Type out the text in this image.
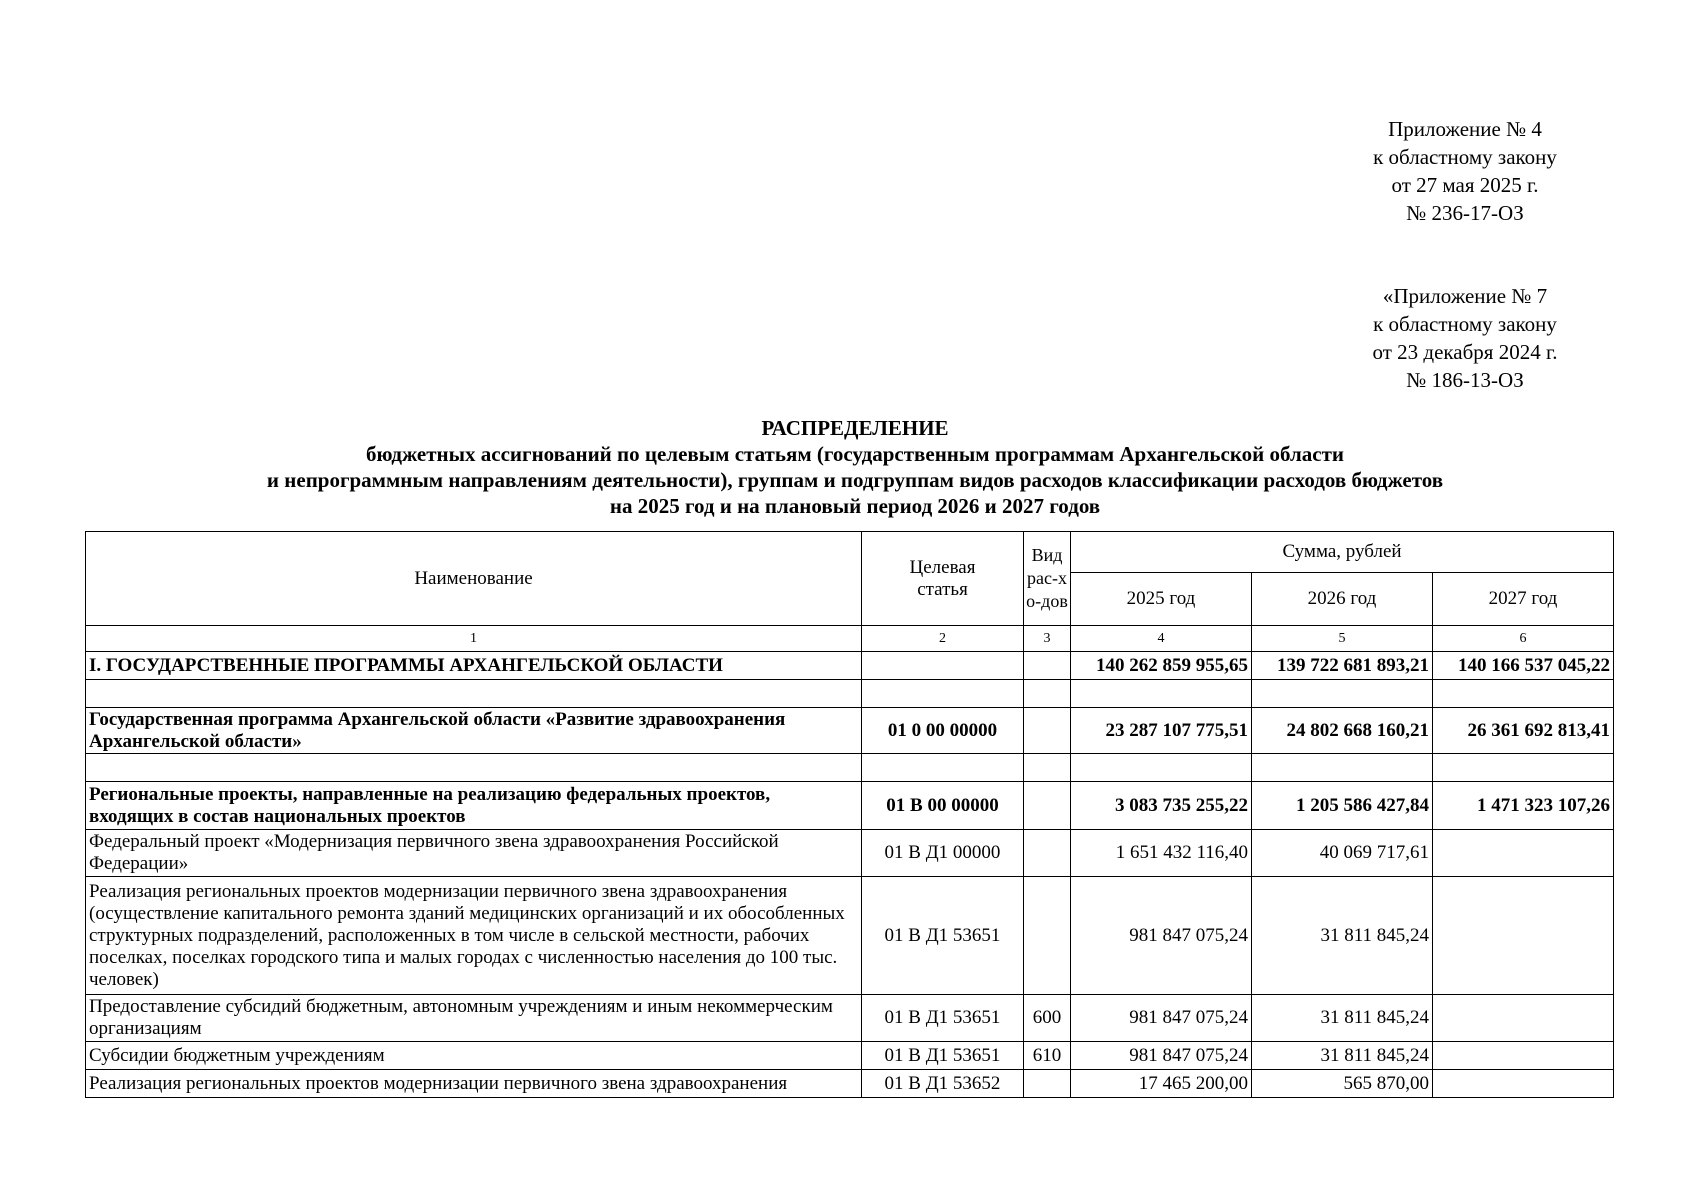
Приложение № 4
к областному закону
от 27 мая 2025 г.
№ 236-17-ОЗ
«Приложение № 7
к областному закону
от 23 декабря 2024 г.
№ 186-13-ОЗ
РАСПРЕДЕЛЕНИЕ
бюджетных ассигнований по целевым статьям (государственным программам Архангельской области
и непрограммным направлениям деятельности), группам и подгруппам видов расходов классификации расходов бюджетов
на 2025 год и на плановый период 2026 и 2027 годов
Наименование	Целевая статья	Вид рас-хо-дов	Сумма, рублей		
			2025 год	2026 год	2027 год
1	2	3	4	5	6
I. ГОСУДАРСТВЕННЫЕ ПРОГРАММЫ АРХАНГЕЛЬСКОЙ ОБЛАСТИ			140 262 859 955,65	139 722 681 893,21	140 166 537 045,22

Государственная программа Архангельской области «Развитие здравоохранения Архангельской области»	01 0 00 00000		23 287 107 775,51	24 802 668 160,21	26 361 692 813,41

Региональные проекты, направленные на реализацию федеральных проектов, входящих в состав национальных проектов	01 В 00 00000		3 083 735 255,22	1 205 586 427,84	1 471 323 107,26
Федеральный проект «Модернизация первичного звена здравоохранения Российской Федерации»	01 В Д1 00000		1 651 432 116,40	40 069 717,61	
Реализация региональных проектов модернизации первичного звена здравоохранения (осуществление капитального ремонта зданий медицинских организаций и их обособленных структурных подразделений, расположенных в том числе в сельской местности, рабочих поселках, поселках городского типа и малых городах с численностью населения до 100 тыс. человек)	01 В Д1 53651		981 847 075,24	31 811 845,24	
Предоставление субсидий бюджетным, автономным учреждениям и иным некоммерческим организациям	01 В Д1 53651	600	981 847 075,24	31 811 845,24	
Субсидии бюджетным учреждениям	01 В Д1 53651	610	981 847 075,24	31 811 845,24	
Реализация региональных проектов модернизации первичного звена здравоохранения	01 В Д1 53652		17 465 200,00	565 870,00	
